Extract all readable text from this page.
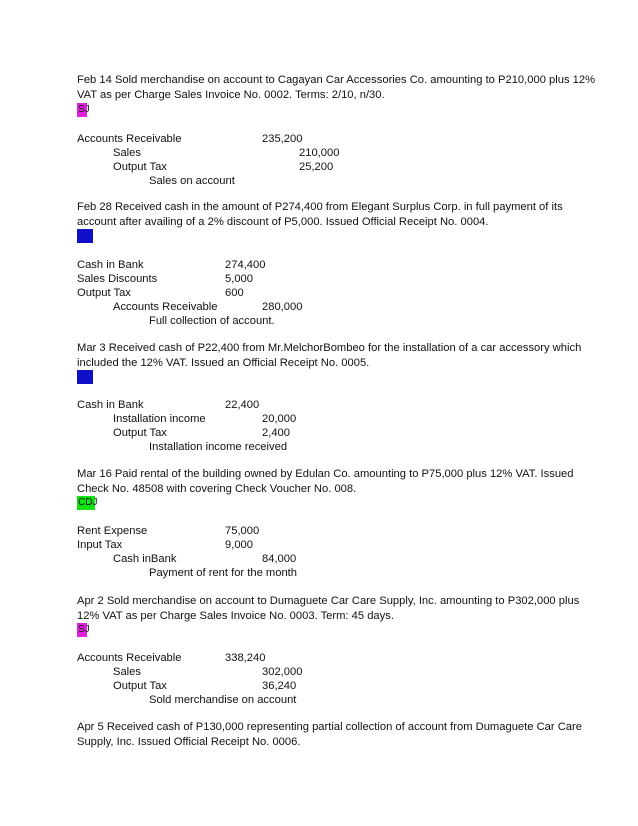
Feb 14 Sold merchandise on account to Cagayan Car Accessories Co. amounting to P210,000 plus 12%
VAT as per Charge Sales Invoice No. 0002. Terms: 2/10, n/30.
SJ
Accounts Receivable	235,200
Sales	210,000
Output Tax	25,200
Sales on account
Feb 28 Received cash in the amount of P274,400 from Elegant Surplus Corp. in full payment of its
account after availing of a 2% discount of P5,000. Issued Official Receipt No. 0004.
Cash in Bank	274,400
Sales Discounts	5,000
Output Tax	600
Accounts Receivable	280,000
Full collection of account.
Mar 3 Received cash of P22,400 from Mr.MelchorBombeo for the installation of a car accessory which
included the 12% VAT. Issued an Official Receipt No. 0005.
Cash in Bank	22,400
Installation income	20,000
Output Tax	2,400
Installation income received
Mar 16 Paid rental of the building owned by Edulan Co. amounting to P75,000 plus 12% VAT. Issued
Check No. 48508 with covering Check Voucher No. 008.
CDJ
Rent Expense	75,000
Input Tax	9,000
Cash inBank	84,000
Payment of rent for the month
Apr 2 Sold merchandise on account to Dumaguete Car Care Supply, Inc. amounting to P302,000 plus
12% VAT as per Charge Sales Invoice No. 0003. Term: 45 days.
SJ
Accounts Receivable	338,240
Sales	302,000
Output Tax	36,240
Sold merchandise on account
Apr 5 Received cash of P130,000 representing partial collection of account from Dumaguete Car Care
Supply, Inc. Issued Official Receipt No. 0006.
